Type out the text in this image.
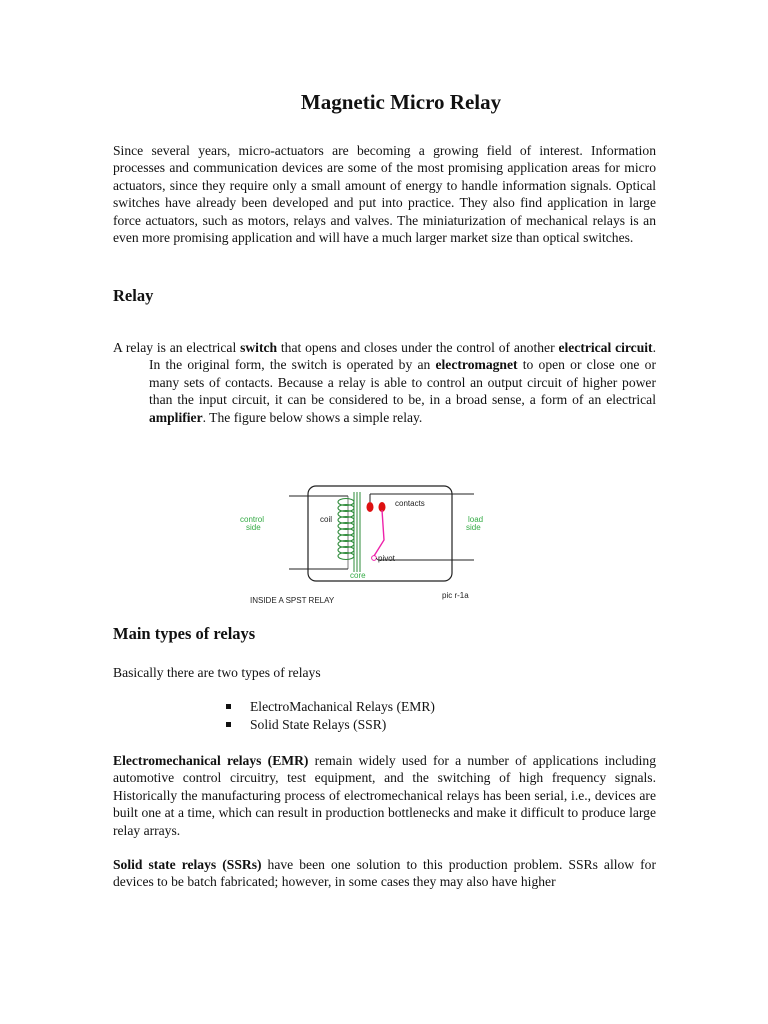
Magnetic Micro Relay

Since several years, micro-actuators are becoming a growing field of interest. Information processes and communication devices are some of the most promising application areas for micro actuators, since they require only a small amount of energy to handle information signals. Optical switches have already been developed and put into practice. They also find application in large force actuators, such as motors, relays and valves. The miniaturization of mechanical relays is an even more promising application and will have a much larger market size than optical switches.

Relay

A relay is an electrical switch that opens and closes under the control of another electrical circuit. In the original form, the switch is operated by an electromagnet to open or close one or many sets of contacts. Because a relay is able to control an output circuit of higher power than the input circuit, it can be considered to be, in a broad sense, a form of an electrical amplifier. The figure below shows a simple relay.

control
side
load
side
coil
contacts
pivot
core
INSIDE A SPST RELAY
pic r-1a
Main types of relays

Basically there are two types of relays

ElectroMachanical Relays (EMR)
Solid State Relays (SSR)

Electromechanical relays (EMR) remain widely used for a number of applications including automotive control circuitry, test equipment, and the switching of high frequency signals. Historically the manufacturing process of electromechanical relays has been serial, i.e., devices are built one at a time, which can result in production bottlenecks and make it difficult to produce large relay arrays.

Solid state relays (SSRs) have been one solution to this production problem. SSRs allow for devices to be batch fabricated; however, in some cases they may also have higher
